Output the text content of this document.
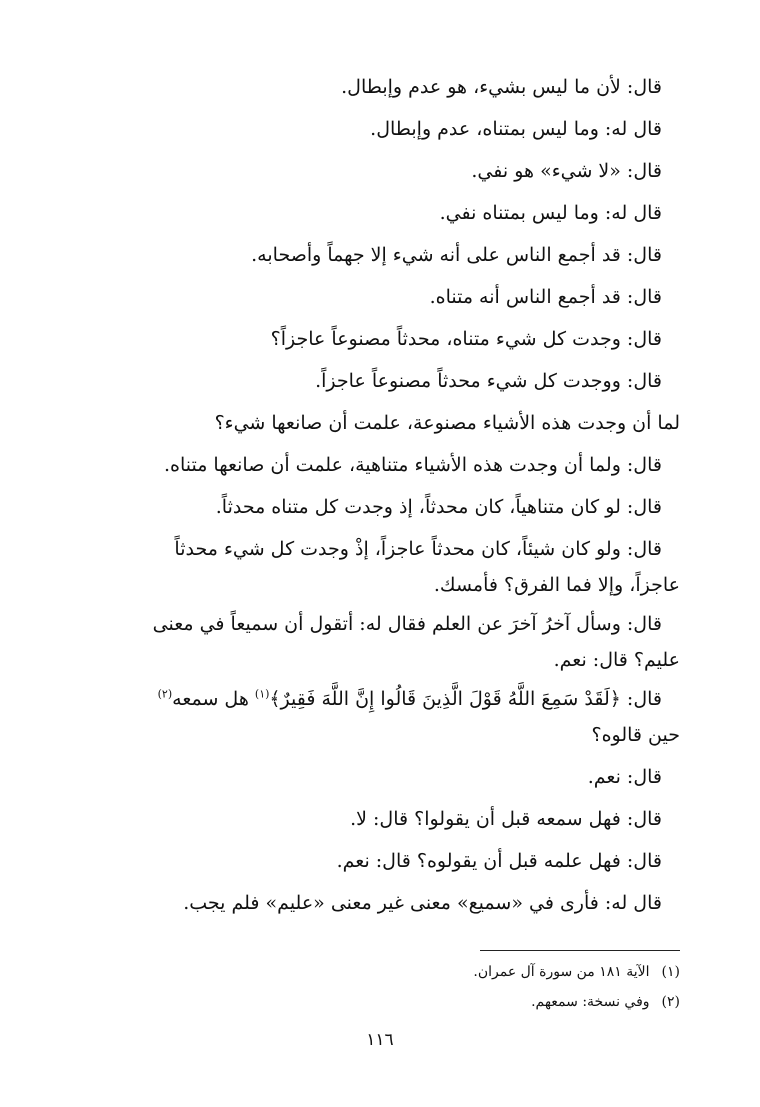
قال: لأن ما ليس بشيء، هو عدم وإبطال.

قال له: وما ليس بمتناه، عدم وإبطال.

قال: «لا شيء» هو نفي.

قال له: وما ليس بمتناه نفي.

قال: قد أجمع الناس على أنه شيء إلا جهماً وأصحابه.

قال: قد أجمع الناس أنه متناه.

قال: وجدت كل شيء متناه، محدثاً مصنوعاً عاجزاً؟

قال: ووجدت كل شيء محدثاً مصنوعاً عاجزاً.

لما أن وجدت هذه الأشياء مصنوعة، علمت أن صانعها شيء؟

قال: ولما أن وجدت هذه الأشياء متناهية، علمت أن صانعها متناه.

قال: لو كان متناهياً، كان محدثاً، إذ وجدت كل متناه محدثاً.

قال: ولو كان شيئاً، كان محدثاً عاجزاً، إذْ وجدت كل شيء محدثاً
عاجزاً، وإلا فما الفرق؟ فأمسك.
قال: وسأل آخرُ آخرَ عن العلم فقال له: أتقول أن سميعاً في معنى
عليم؟ قال: نعم.
قال: ﴿لَقَدْ سَمِعَ اللَّهُ قَوْلَ الَّذِينَ قَالُوا إِنَّ اللَّهَ فَقِيرٌ﴾$^{(١)}$ هل سمعه$^{(٢)}$
حين قالوه؟

قال: نعم.

قال: فهل سمعه قبل أن يقولوا؟ قال: لا.

قال: فهل علمه قبل أن يقولوه؟ قال: نعم.

قال له: فأرى في «سميع» معنى غير معنى «عليم» فلم يجب.

(١) الآية ١٨١ من سورة آل عمران.
(٢) وفي نسخة: سمعهم.
١١٦
